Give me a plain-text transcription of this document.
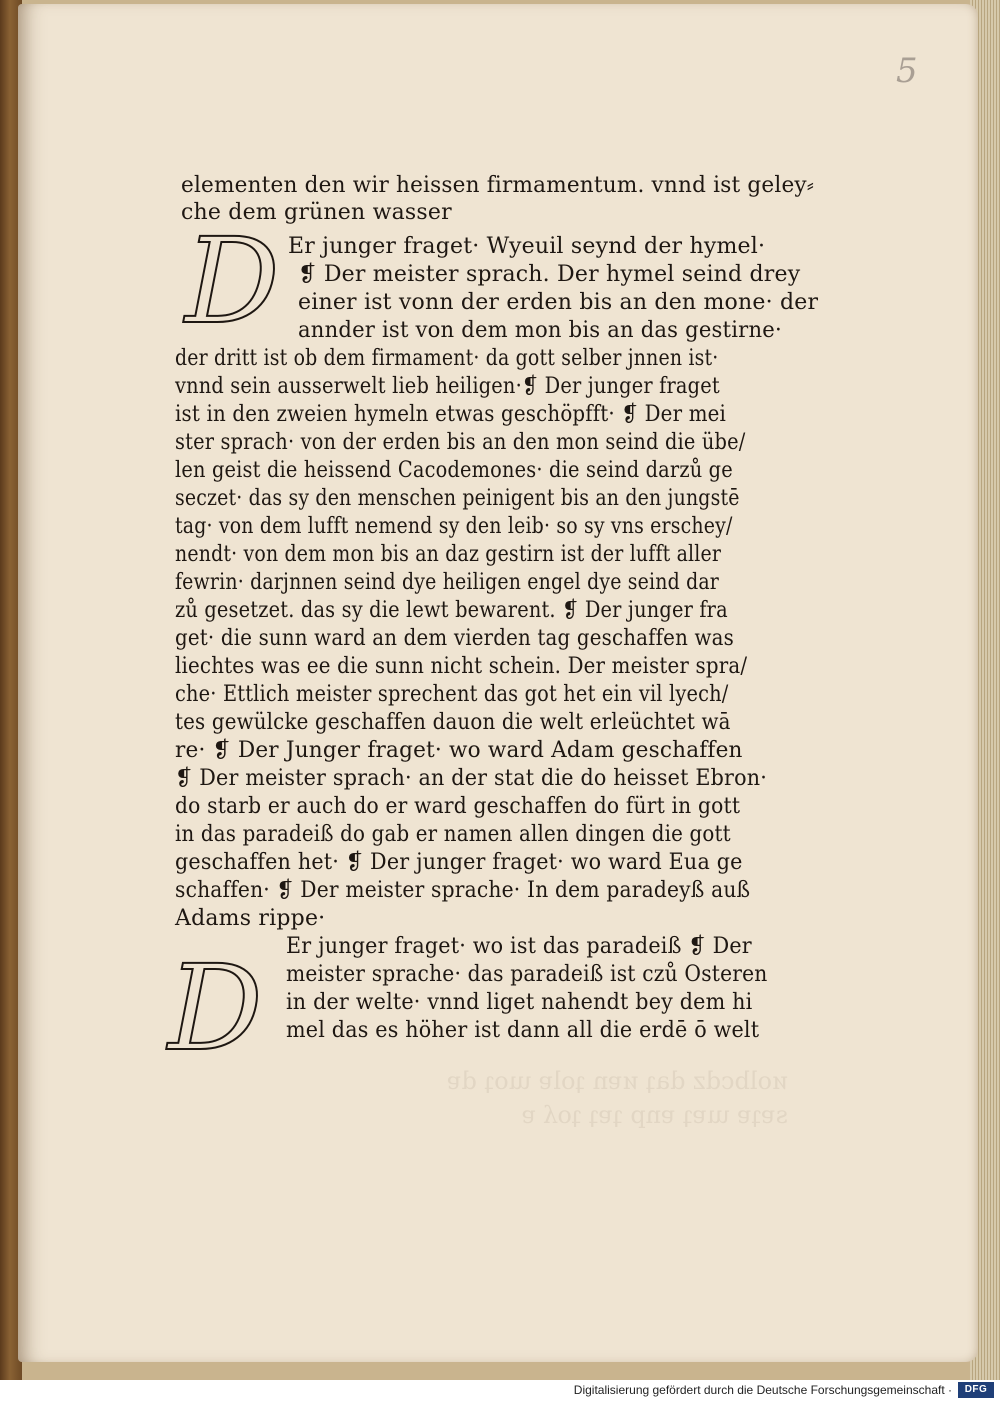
5
ᴎolbcdz daʇ ᴎɐn ʇolɐ ɯoʇ dɐ
sɐʇɐ ɯɐʇ ɐnp ʇɐʇ ʇoʎ ɐ
elementen den wir heissen firmamentum. vnnd ist geley⸗
che dem grünen wasser
D Er junger fraget· Wyeuil seynd der hymel·
❡ Der meister sprach. Der hymel seind drey
einer ist vonn der erden bis an den mone· der
annder ist von dem mon bis an das gestirne·
der dritt ist ob dem firmament· da gott selber jnnen ist·
vnnd sein ausserwelt lieb heiligen·❡ Der junger fraget
ist in den zweien hymeln etwas geschöpfft· ❡ Der mei
ster sprach· von der erden bis an den mon seind die übe/
len geist die heissend Cacodemones· die seind darzů ge
seczet· das sy den menschen peinigent bis an den jungstē
tag· von dem lufft nemend sy den leib· so sy vns erschey/
nendt· von dem mon bis an daz gestirn ist der lufft aller
fewrin· darjnnen seind dye heiligen engel dye seind dar
zů gesetzet. das sy die lewt bewarent. ❡ Der junger fra
get· die sunn ward an dem vierden tag geschaffen was
liechtes was ee die sunn nicht schein. Der meister spra/
che· Ettlich meister sprechent das got het ein vil lyech/
tes gewülcke geschaffen dauon die welt erleüchtet wā
re· ❡ Der Junger fraget· wo ward Adam geschaffen
❡ Der meister sprach· an der stat die do heisset Ebron·
do starb er auch do er ward geschaffen do fürt in gott
in das paradeiß do gab er namen allen dingen die gott
geschaffen het· ❡ Der junger fraget· wo ward Eua ge
schaffen· ❡ Der meister sprache· In dem paradeyß auß
Adams rippe·
D Er junger fraget· wo ist das paradeiß ❡ Der
meister sprache· das paradeiß ist czů Osteren
in der welte· vnnd liget nahendt bey dem hi
mel das es höher ist dann all die erdē ō welt
Digitalisierung gefördert durch die Deutsche Forschungsgemeinschaft ·	DFG
